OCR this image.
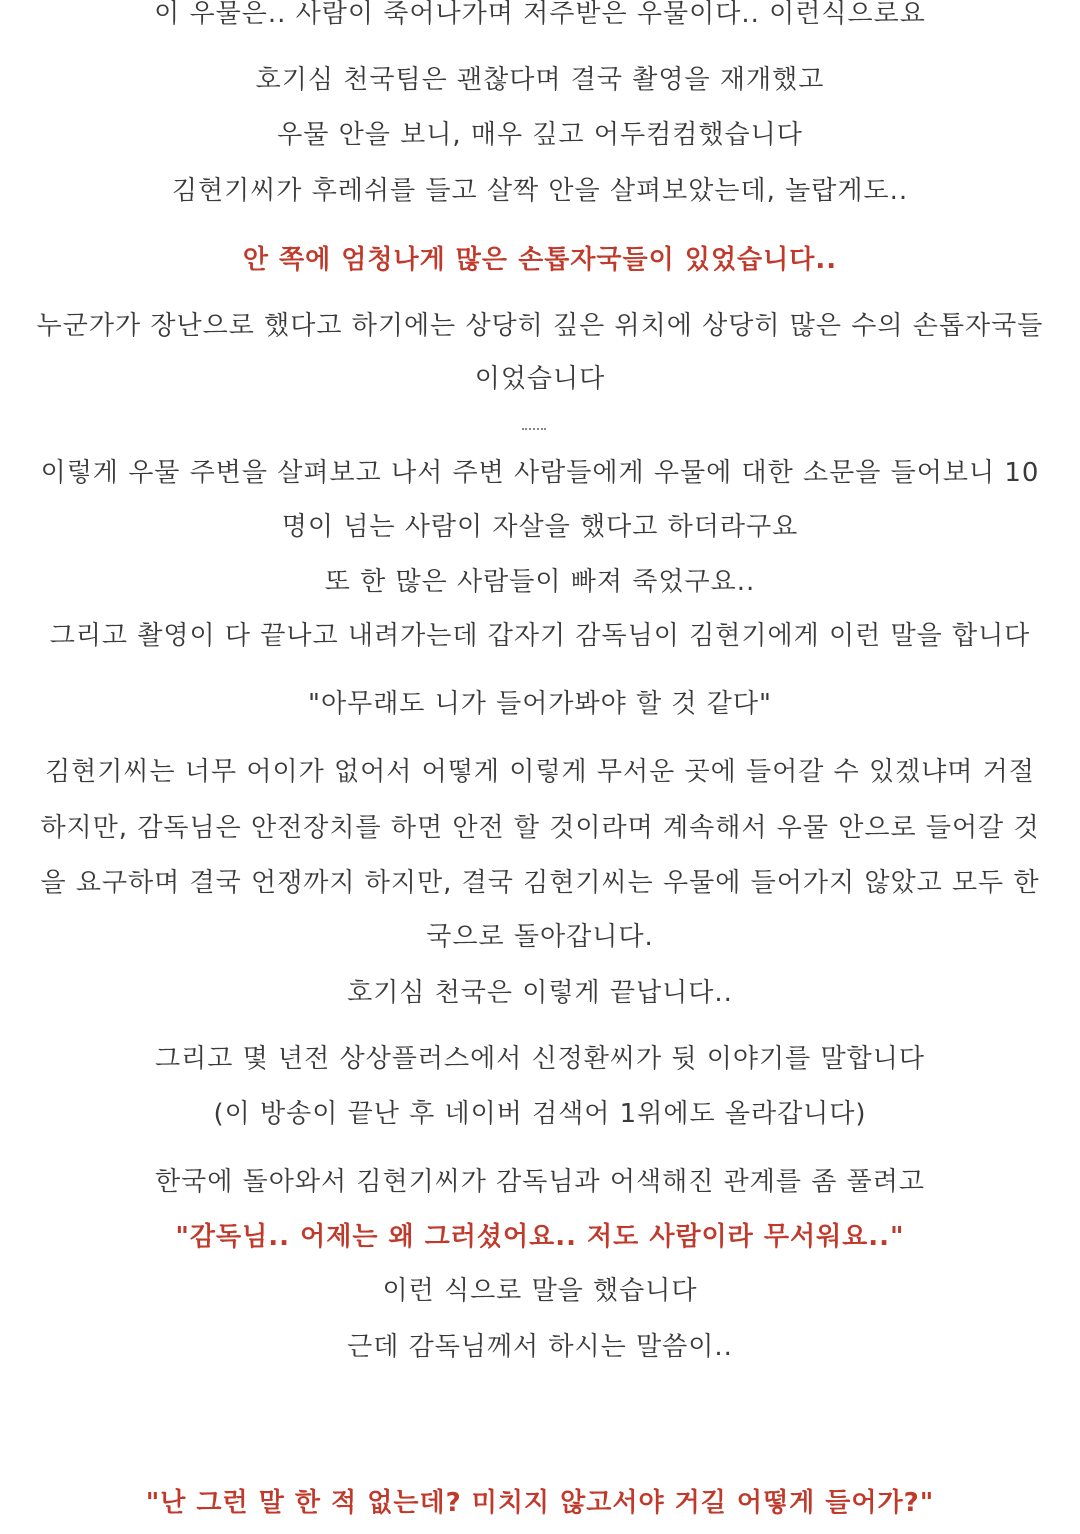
이 우물은.. 사람이 죽어나가며 저주받은 우물이다.. 이런식으로요
호기심 천국팀은 괜찮다며 결국 촬영을 재개했고
우물 안을 보니, 매우 깊고 어두컴컴했습니다
김현기씨가 후레쉬를 들고 살짝 안을 살펴보았는데, 놀랍게도..
안 쪽에 엄청나게 많은 손톱자국들이 있었습니다..
누군가가 장난으로 했다고 하기에는 상당히 깊은 위치에 상당히 많은 수의 손톱자국들
이었습니다
이렇게 우물 주변을 살펴보고 나서 주변 사람들에게 우물에 대한 소문을 들어보니 10
명이 넘는 사람이 자살을 했다고 하더라구요
또 한 많은 사람들이 빠져 죽었구요..
그리고 촬영이 다 끝나고 내려가는데 갑자기 감독님이 김현기에게 이런 말을 합니다
"아무래도 니가 들어가봐야 할 것 같다"
김현기씨는 너무 어이가 없어서 어떻게 이렇게 무서운 곳에 들어갈 수 있겠냐며 거절
하지만, 감독님은 안전장치를 하면 안전 할 것이라며 계속해서 우물 안으로 들어갈 것
을 요구하며 결국 언쟁까지 하지만, 결국 김현기씨는 우물에 들어가지 않았고 모두 한
국으로 돌아갑니다.
호기심 천국은 이렇게 끝납니다..
그리고 몇 년전 상상플러스에서 신정환씨가 뒷 이야기를 말합니다
(이 방송이 끝난 후 네이버 검색어 1위에도 올라갑니다)
한국에 돌아와서 김현기씨가 감독님과 어색해진 관계를 좀 풀려고
"감독님.. 어제는 왜 그러셨어요.. 저도 사람이라 무서워요.."
이런 식으로 말을 했습니다
근데 감독님께서 하시는 말씀이..
"난 그런 말 한 적 없는데? 미치지 않고서야 거길 어떻게 들어가?"
